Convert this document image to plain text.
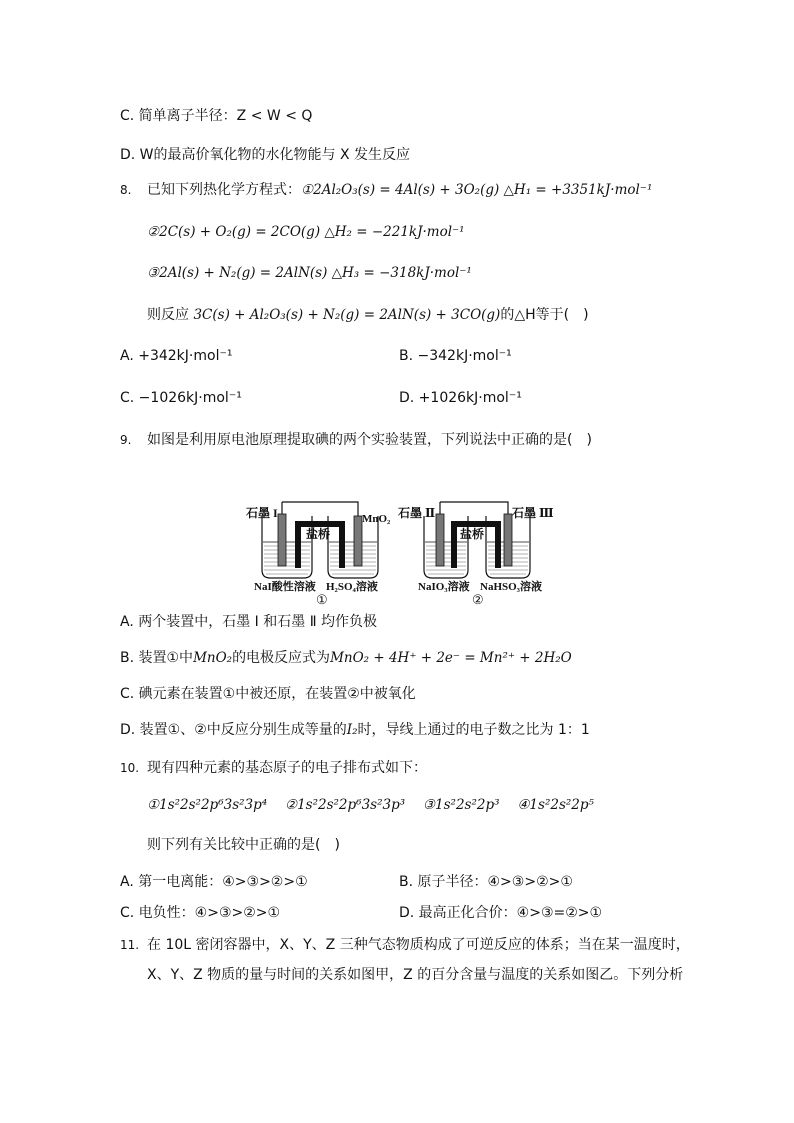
C. 简单离子半径：Z < W < Q
D. W的最高价氧化物的水化物能与 X 发生反应
8. 已知下列热化学方程式：①2Al₂O₃(s) = 4Al(s) + 3O₂(g) △H₁ = +3351kJ·mol⁻¹
②2C(s) + O₂(g) = 2CO(g) △H₂ = −221kJ·mol⁻¹
③2Al(s) + N₂(g) = 2AlN(s) △H₃ = −318kJ·mol⁻¹
则反应 3C(s) + Al₂O₃(s) + N₂(g) = 2AlN(s) + 3CO(g)的△H等于(　)
A. +342kJ·mol⁻¹	B. −342kJ·mol⁻¹
C. −1026kJ·mol⁻¹	D. +1026kJ·mol⁻¹
9. 如图是利用原电池原理提取碘的两个实验装置，下列说法中正确的是(　)
石墨 I	MnO₂
盐桥
NaI酸性溶液 H₂SO₄溶液
①
石墨 Ⅱ	石墨 Ⅲ
盐桥
NaIO₃溶液 NaHSO₃溶液
②
A. 两个装置中，石墨 I 和石墨 Ⅱ 均作负极
B. 装置①中MnO₂的电极反应式为MnO₂ + 4H⁺ + 2e⁻ = Mn²⁺ + 2H₂O
C. 碘元素在装置①中被还原，在装置②中被氧化
D. 装置①、②中反应分别生成等量的I₂时，导线上通过的电子数之比为 1：1
10. 现有四种元素的基态原子的电子排布式如下：
①1s²2s²2p⁶3s²3p⁴　 ②1s²2s²2p⁶3s²3p³　 ③1s²2s²2p³　 ④1s²2s²2p⁵
则下列有关比较中正确的是(　)
A. 第一电离能：④>③>②>①	B. 原子半径：④>③>②>①
C. 电负性：④>③>②>①	D. 最高正化合价：④>③=②>①
11. 在 10L 密闭容器中，X、Y、Z 三种气态物质构成了可逆反应的体系；当在某一温度时，
X、Y、Z 物质的量与时间的关系如图甲，Z 的百分含量与温度的关系如图乙。下列分析
